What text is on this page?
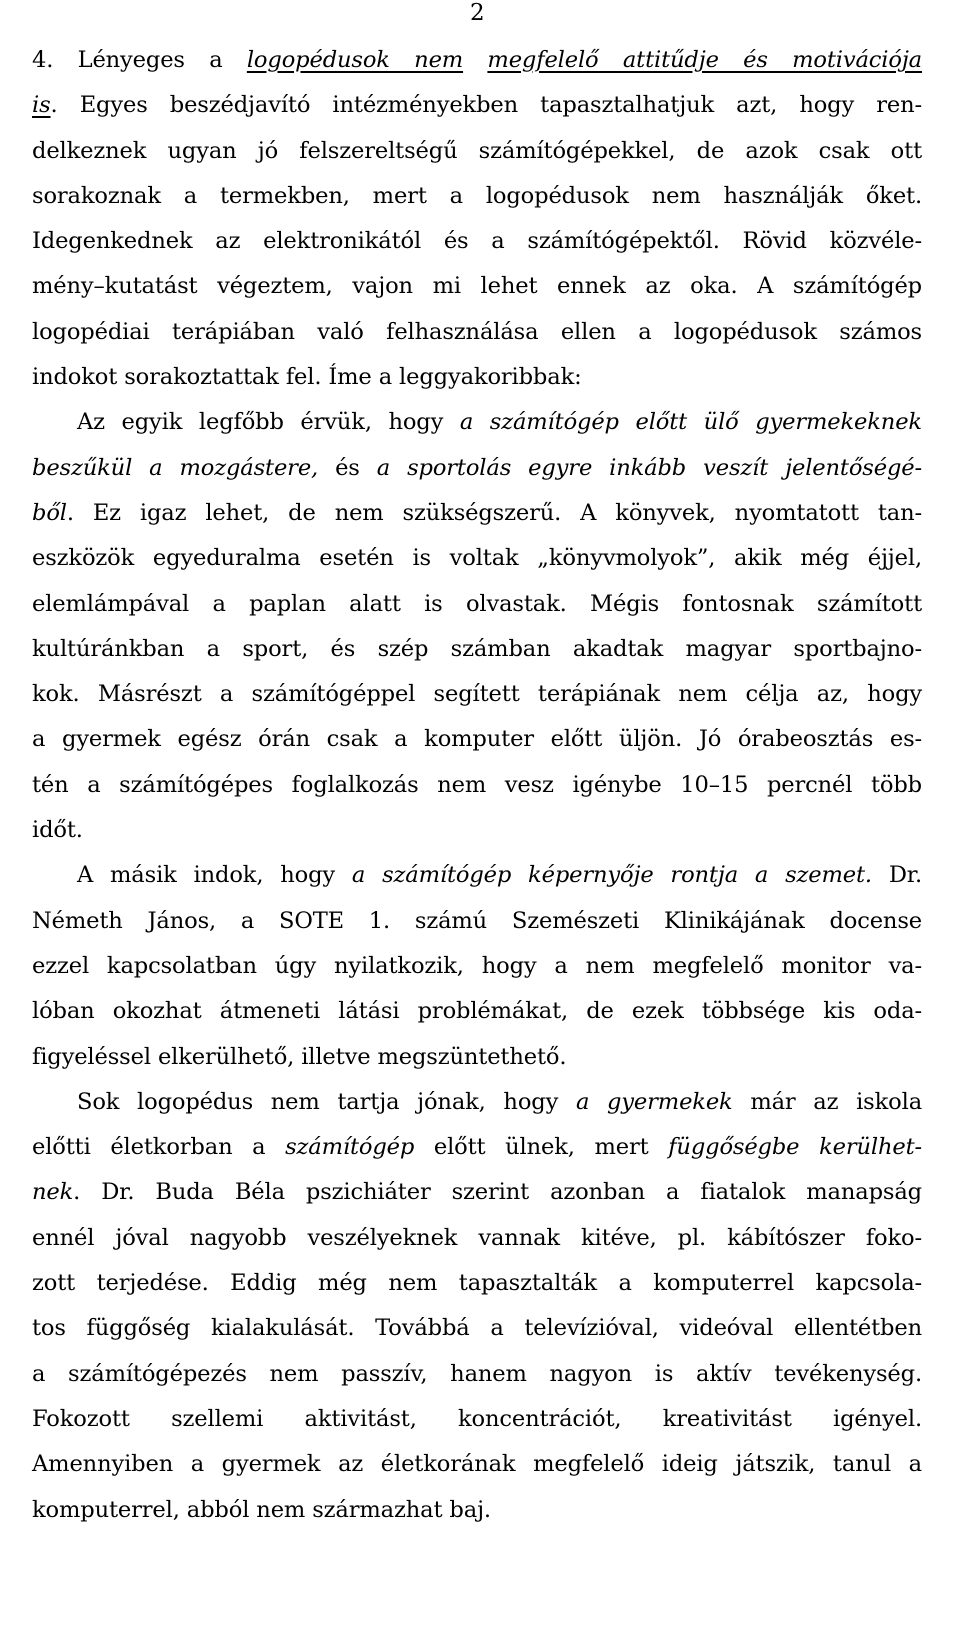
2
4. Lényeges a logopédusok nem megfelelő attitűdje és motivációja
is. Egyes beszédjavító intézményekben tapasztalhatjuk azt, hogy ren-
delkeznek ugyan jó felszereltségű számítógépekkel, de azok csak ott
sorakoznak a termekben, mert a logopédusok nem használják őket.
Idegenkednek az elektronikától és a számítógépektől. Rövid közvéle-
mény–kutatást végeztem, vajon mi lehet ennek az oka. A számítógép
logopédiai terápiában való felhasználása ellen a logopédusok számos
indokot sorakoztattak fel. Íme a leggyakoribbak:
Az egyik legfőbb érvük, hogy a számítógép előtt ülő gyermekeknek
beszűkül a mozgástere, és a sportolás egyre inkább veszít jelentőségé-
ből. Ez igaz lehet, de nem szükségszerű. A könyvek, nyomtatott tan-
eszközök egyeduralma esetén is voltak „könyvmolyok”, akik még éjjel,
elemlámpával a paplan alatt is olvastak. Mégis fontosnak számított
kultúránkban a sport, és szép számban akadtak magyar sportbajno-
kok. Másrészt a számítógéppel segített terápiának nem célja az, hogy
a gyermek egész órán csak a komputer előtt üljön. Jó órabeosztás es-
tén a számítógépes foglalkozás nem vesz igénybe 10–15 percnél több
időt.
A másik indok, hogy a számítógép képernyője rontja a szemet. Dr.
Németh János, a SOTE 1. számú Szemészeti Klinikájának docense
ezzel kapcsolatban úgy nyilatkozik, hogy a nem megfelelő monitor va-
lóban okozhat átmeneti látási problémákat, de ezek többsége kis oda-
figyeléssel elkerülhető, illetve megszüntethető.
Sok logopédus nem tartja jónak, hogy a gyermekek már az iskola
előtti életkorban a számítógép előtt ülnek, mert függőségbe kerülhet-
nek. Dr. Buda Béla pszichiáter szerint azonban a fiatalok manapság
ennél jóval nagyobb veszélyeknek vannak kitéve, pl. kábítószer foko-
zott terjedése. Eddig még nem tapasztalták a komputerrel kapcsola-
tos függőség kialakulását. Továbbá a televízióval, videóval ellentétben
a számítógépezés nem passzív, hanem nagyon is aktív tevékenység.
Fokozott szellemi aktivitást, koncentrációt, kreativitást igényel.
Amennyiben a gyermek az életkorának megfelelő ideig játszik, tanul a
komputerrel, abból nem származhat baj.
